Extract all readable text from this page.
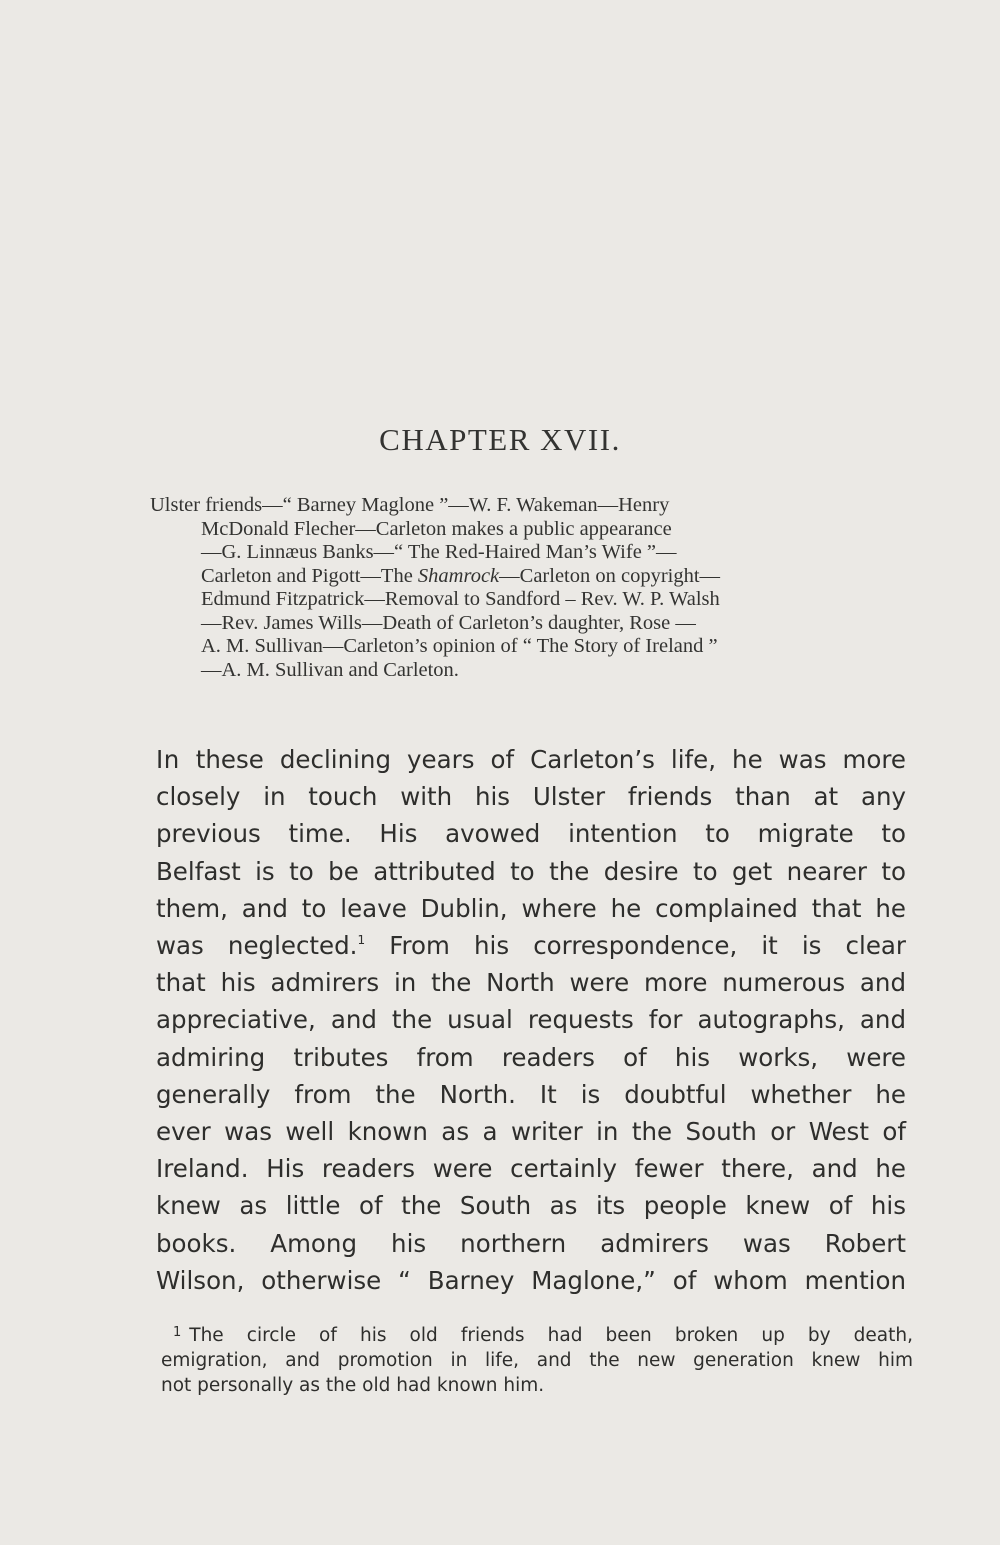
CHAPTER XVII.
Ulster friends—“ Barney Maglone ”—W. F. Wakeman—Henry
McDonald Flecher—Carleton makes a public appearance
—G. Linnæus Banks—“ The Red-Haired Man’s Wife ”—
Carleton and Pigott—The Shamrock—Carleton on copyright—
Edmund Fitzpatrick—Removal to Sandford – Rev. W. P. Walsh
—Rev. James Wills—Death of Carleton’s daughter, Rose —
A. M. Sullivan—Carleton’s opinion of “ The Story of Ireland ”
—A. M. Sullivan and Carleton.
In these declining years of Carleton’s life, he was more
closely in touch with his Ulster friends than at any
previous time. His avowed intention to migrate to
Belfast is to be attributed to the desire to get nearer to
them, and to leave Dublin, where he complained that he
was neglected.$^1$ From his correspondence, it is clear
that his admirers in the North were more numerous and
appreciative, and the usual requests for autographs, and
admiring tributes from readers of his works, were
generally from the North. It is doubtful whether he
ever was well known as a writer in the South or West of
Ireland. His readers were certainly fewer there, and he
knew as little of the South as its people knew of his
books. Among his northern admirers was Robert
Wilson, otherwise “ Barney Maglone,” of whom mention
$^1$ The circle of his old friends had been broken up by death,
emigration, and promotion in life, and the new generation knew him
not personally as the old had known him.
